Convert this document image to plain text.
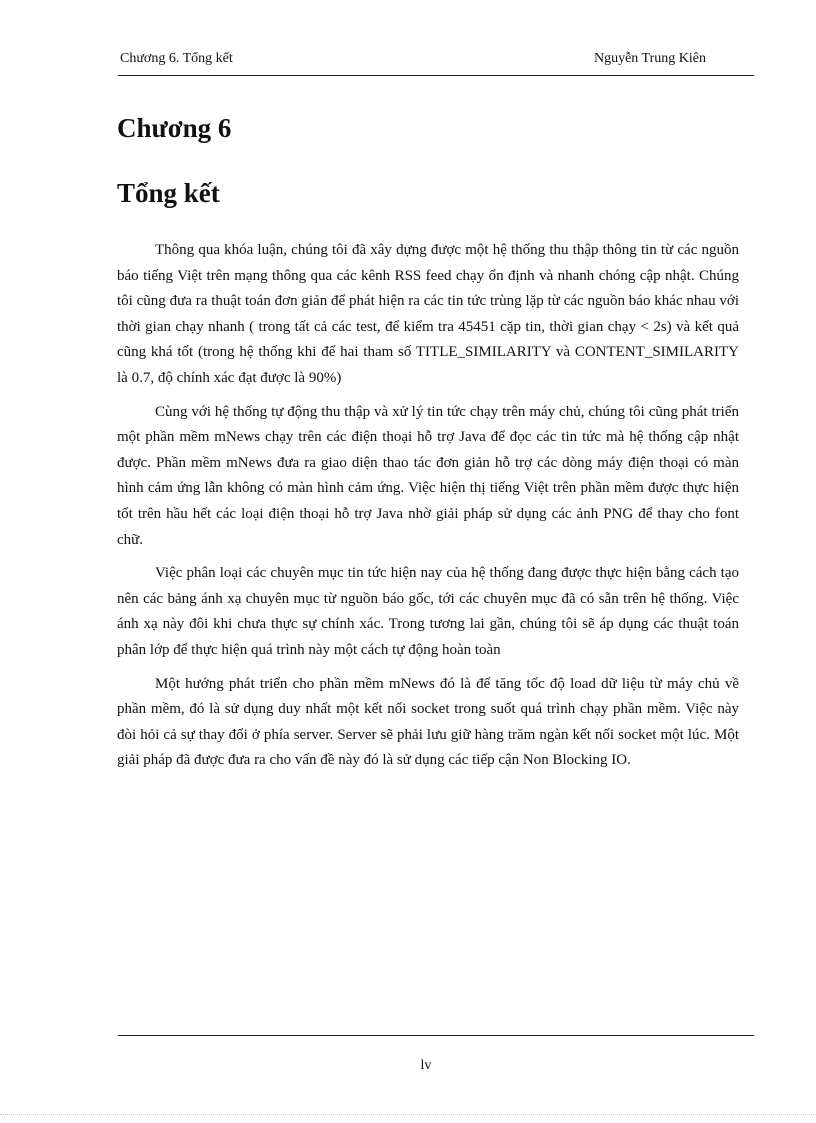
Chương 6. Tổng kết	Nguyễn Trung Kiên
Chương 6
Tổng kết

Thông qua khóa luận, chúng tôi đã xây dựng được một hệ thống thu thập thông tin từ các nguồn báo tiếng Việt trên mạng thông qua các kênh RSS feed chạy ổn định và nhanh chóng cập nhật. Chúng tôi cũng đưa ra thuật toán đơn giản để phát hiện ra các tin tức trùng lặp từ các nguồn báo khác nhau với thời gian chạy nhanh ( trong tất cả các test, để kiểm tra 45451 cặp tin, thời gian chạy < 2s) và kết quả cũng khá tốt (trong hệ thống khi để hai tham số TITLE_SIMILARITY và CONTENT_SIMILARITY là 0.7, độ chính xác đạt được là 90%)

Cùng với hệ thống tự động thu thập và xử lý tin tức chạy trên máy chủ, chúng tôi cũng phát triển một phần mềm mNews chạy trên các điện thoại hỗ trợ Java để đọc các tin tức mà hệ thống cập nhật được. Phần mềm mNews đưa ra giao diện thao tác đơn giản hỗ trợ các dòng máy điện thoại có màn hình cảm ứng lẫn không có màn hình cảm ứng. Việc hiện thị tiếng Việt trên phần mềm được thực hiện tốt trên hầu hết các loại điện thoại hỗ trợ Java nhờ giải pháp sử dụng các ảnh PNG để thay cho font chữ.

Việc phân loại các chuyên mục tin tức hiện nay của hệ thống đang được thực hiện bằng cách tạo nên các bảng ánh xạ chuyên mục từ nguồn báo gốc, tới các chuyên mục đã có sẵn trên hệ thống. Việc ánh xạ này đôi khi chưa thực sự chính xác. Trong tương lai gần, chúng tôi sẽ áp dụng các thuật toán phân lớp để thực hiện quá trình này một cách tự động hoàn toàn

Một hướng phát triển cho phần mềm mNews đó là để tăng tốc độ load dữ liệu từ máy chủ về phần mềm, đó là sử dụng duy nhất một kết nối socket trong suốt quá trình chạy phần mềm. Việc này đòi hỏi cả sự thay đổi ở phía server. Server sẽ phải lưu giữ hàng trăm ngàn kết nối socket một lúc. Một giải pháp đã được đưa ra cho vấn đề này đó là sử dụng các tiếp cận Non Blocking IO.

lv
